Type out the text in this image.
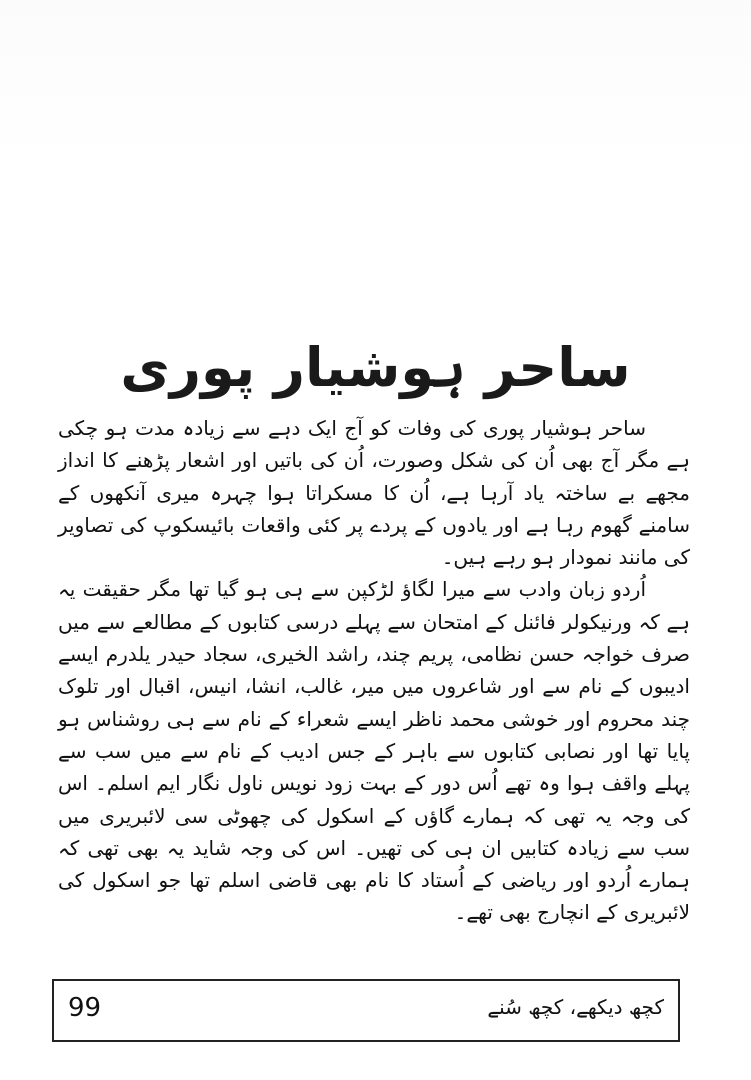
ساحر ہوشیار پوری

ساحر ہوشیار پوری کی وفات کو آج ایک دہے سے زیادہ مدت ہو چکی ہے مگر آج بھی اُن کی شکل وصورت، اُن کی باتیں اور اشعار پڑھنے کا انداز مجھے بے ساختہ یاد آرہا ہے، اُن کا مسکراتا ہوا چہرہ میری آنکھوں کے سامنے گھوم رہا ہے اور یادوں کے پردے پر کئی واقعات بائیسکوپ کی تصاویر کی مانند نمودار ہو رہے ہیں۔

اُردو زبان وادب سے میرا لگاؤ لڑکپن سے ہی ہو گیا تھا مگر حقیقت یہ ہے کہ ورنیکولر فائنل کے امتحان سے پہلے درسی کتابوں کے مطالعے سے میں صرف خواجہ حسن نظامی، پریم چند، راشد الخیری، سجاد حیدر یلدرم ایسے ادیبوں کے نام سے اور شاعروں میں میر، غالب، انشا، انیس، اقبال اور تلوک چند محروم اور خوشی محمد ناظر ایسے شعراء کے نام سے ہی روشناس ہو پایا تھا اور نصابی کتابوں سے باہر کے جس ادیب کے نام سے میں سب سے پہلے واقف ہوا وہ تھے اُس دور کے بہت زود نویس ناول نگار ایم اسلم۔ اس کی وجہ یہ تھی کہ ہمارے گاؤں کے اسکول کی چھوٹی سی لائبریری میں سب سے زیادہ کتابیں ان ہی کی تھیں۔ اس کی وجہ شاید یہ بھی تھی کہ ہمارے اُردو اور ریاضی کے اُستاد کا نام بھی قاضی اسلم تھا جو اسکول کی لائبریری کے انچارج بھی تھے۔

99	کچھ دیکھے، کچھ سُنے
